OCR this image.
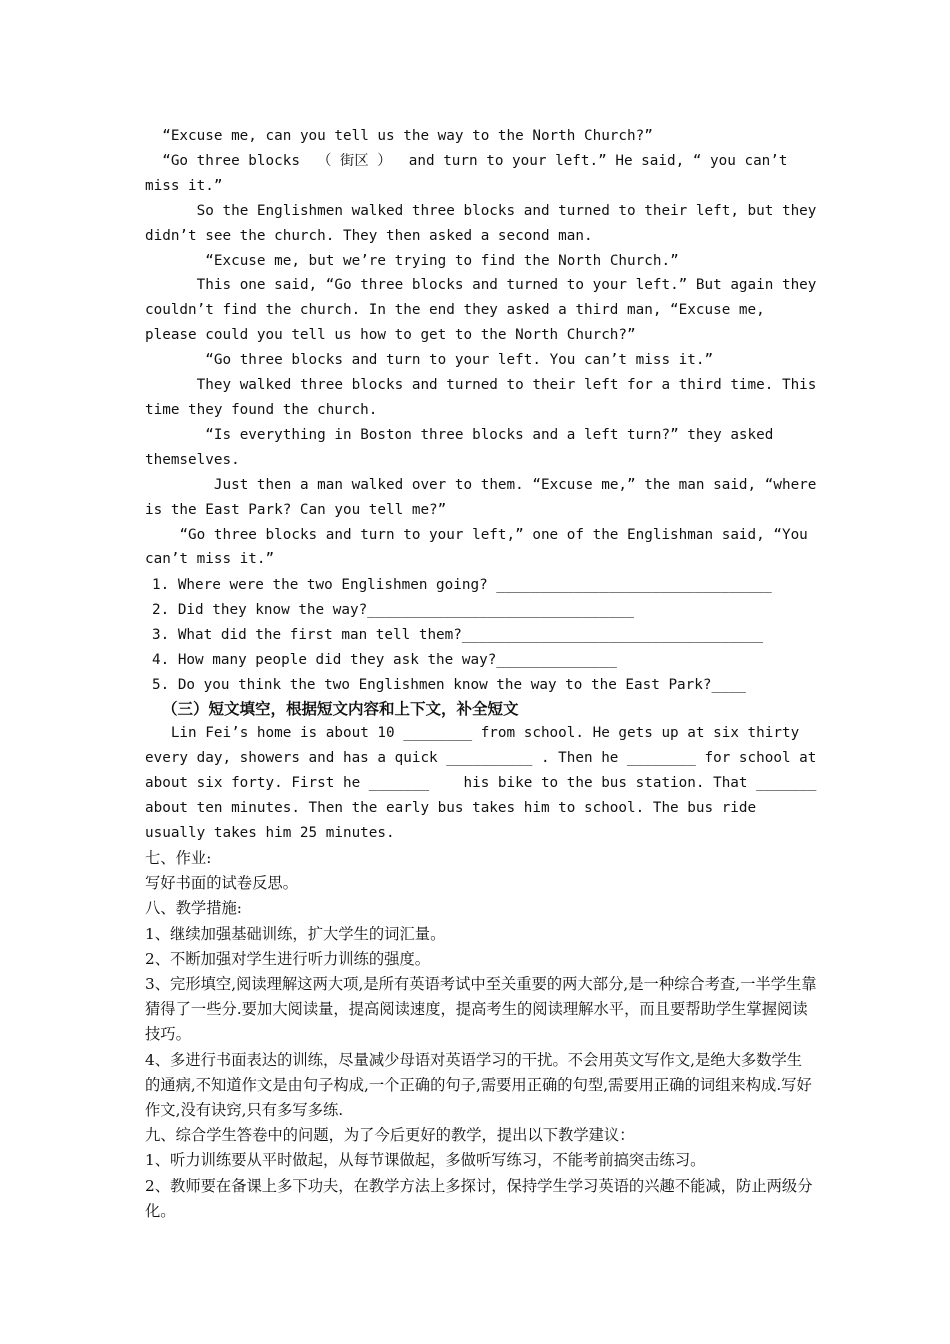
“Excuse me, can you tell us the way to the North Church?”

“Go three blocks  （ 街区 ）  and turn to your left.” He said, “ you can’t miss it.”

So the Englishmen walked three blocks and turned to their left, but they didn’t see the church. They then asked a second man.

“Excuse me, but we’re trying to find the North Church.”

This one said, “Go three blocks and turned to your left.” But again they couldn’t find the church. In the end they asked a third man, “Excuse me, please could you tell us how to get to the North Church?”

“Go three blocks and turn to your left. You can’t miss it.”

They walked three blocks and turned to their left for a third time. This time they found the church.

“Is everything in Boston three blocks and a left turn?” they asked themselves.

Just then a man walked over to them. “Excuse me,” the man said, “where is the East Park? Can you tell me?”

“Go three blocks and turn to your left,” one of the Englishman said, “You can’t miss it.”

1. Where were the two Englishmen going? ________________________________
2. Did they know the way?_______________________________
3. What did the first man tell them?___________________________________
4. How many people did they ask the way?______________
5. Do you think the two Englishmen know the way to the East Park?____
（三）短文填空，根据短文内容和上下文，补全短文

Lin Fei’s home is about 10 ________ from school. He gets up at six thirty every day, showers and has a quick __________ . Then he ________ for school at about six forty. First he _______    his bike to the bus station. That _______ about ten minutes. Then the early bus takes him to school. The bus ride usually takes him 25 minutes.

七、作业:

写好书面的试卷反思。

八、教学措施:

1、继续加强基础训练，扩大学生的词汇量。

2、不断加强对学生进行听力训练的强度。

3、完形填空,阅读理解这两大项,是所有英语考试中至关重要的两大部分,是一种综合考查,一半学生靠猜得了一些分.要加大阅读量，提高阅读速度，提高考生的阅读理解水平，而且要帮助学生掌握阅读技巧。

4、多进行书面表达的训练，尽量减少母语对英语学习的干扰。不会用英文写作文,是绝大多数学生的通病,不知道作文是由句子构成,一个正确的句子,需要用正确的句型,需要用正确的词组来构成.写好作文,没有诀窍,只有多写多练.

九、综合学生答卷中的问题，为了今后更好的教学，提出以下教学建议：

1、听力训练要从平时做起，从每节课做起，多做听写练习，不能考前搞突击练习。

2、教师要在备课上多下功夫，在教学方法上多探讨，保持学生学习英语的兴趣不能减，防止两级分化。
